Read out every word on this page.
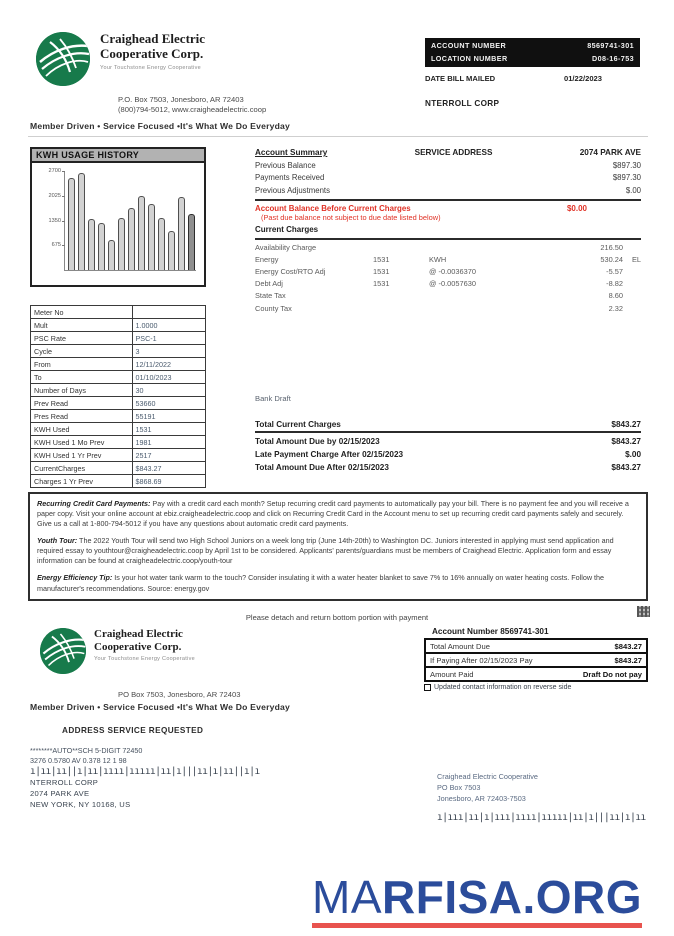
Craighead Electric
Cooperative Corp.
Your Touchstone Energy Cooperative
P.O. Box 7503, Jonesboro, AR 72403
(800)794-5012, www.craigheadelectric.coop
Member Driven • Service Focused •It's What We Do Everyday
ACCOUNT NUMBER	8569741-301
LOCATION NUMBER	D08-16-753
DATE BILL MAILED	01/22/2023
NTERROLL CORP
KWH USAGE HISTORY
2700
2025
1350
675
Meter No	
Mult	1.0000
PSC Rate	PSC-1
Cycle	3
From	12/11/2022
To	01/10/2023
Number of Days	30
Prev Read	53660
Pres Read	55191
KWH Used	1531
KWH Used 1 Mo Prev	1981
KWH Used 1 Yr Prev	2517
CurrentCharges	$843.27
Charges 1 Yr Prev	$868.69
Account Summary	SERVICE ADDRESS	2074 PARK AVE
Previous Balance	$897.30
Payments Received	$897.30
Previous Adjustments	$.00
Account Balance Before Current Charges
(Past due balance not subject to due date listed below)
$0.00
Current Charges
Availability Charge	216.50
Energy	1531	KWH	530.24	EL
Energy Cost/RTO Adj	1531	@ -0.0036370	-5.57
Debt Adj	1531	@ -0.0057630	-8.82
State Tax	8.60
County Tax	2.32
Bank Draft
Total Current Charges	$843.27
Total Amount Due by 02/15/2023	$843.27
Late Payment Charge After 02/15/2023	$.00
Total Amount Due After 02/15/2023	$843.27

Recurring Credit Card Payments: Pay with a credit card each month? Setup recurring credit card payments to automatically pay your bill. There is no payment fee and you will receive a paper copy. Visit your online account at ebiz.craigheadelectric.coop and click on Recurring Credit Card in the Account menu to set up recurring credit card payments safely and securely. Give us a call at 1-800-794-5012 if you have any questions about automatic credit card payments.

Youth Tour: The 2022 Youth Tour will send two High School Juniors on a week long trip (June 14th-20th) to Washington DC. Juniors interested in applying must send application and required essay to youthtour@craigheadelectric.coop by April 1st to be considered. Applicants' parents/guardians must be members of Craighead Electric. Application form and essay information can be found at craigheadelectric.coop/youth-tour

Energy Efficiency Tip: Is your hot water tank warm to the touch? Consider insulating it with a water heater blanket to save 7% to 16% annually on water heating costs. Follow the manufacturer's recommendations. Source: energy.gov

Please detach and return bottom portion with payment
Craighead Electric
Cooperative Corp.
Your Touchstone Energy Cooperative
Account Number 8569741-301
Total Amount Due	$843.27
If Paying After 02/15/2023 Pay	$843.27
Amount Paid	Draft Do not pay
Updated contact information on reverse side
PO Box 7503, Jonesboro, AR 72403
Member Driven • Service Focused •It's What We Do Everyday
ADDRESS SERVICE REQUESTED
********AUTO**SCH 5-DIGIT 72450
3276 0.5780 AV 0.378 12 1 98
ı|ıı|ıı||ı|ıı|ıııı|ııııı|ıı|ı|||ıı|ı|ıı||ı|ı
NTERROLL CORP
2074 PARK AVE
NEW YORK, NY 10168, US
Craighead Electric Cooperative
PO Box 7503
Jonesboro, AR 72403-7503
ı|ııı|ıı|ı|ııı|ıııı|ııııı|ıı|ı|||ıı|ı|ıı
MARFISA.ORG
